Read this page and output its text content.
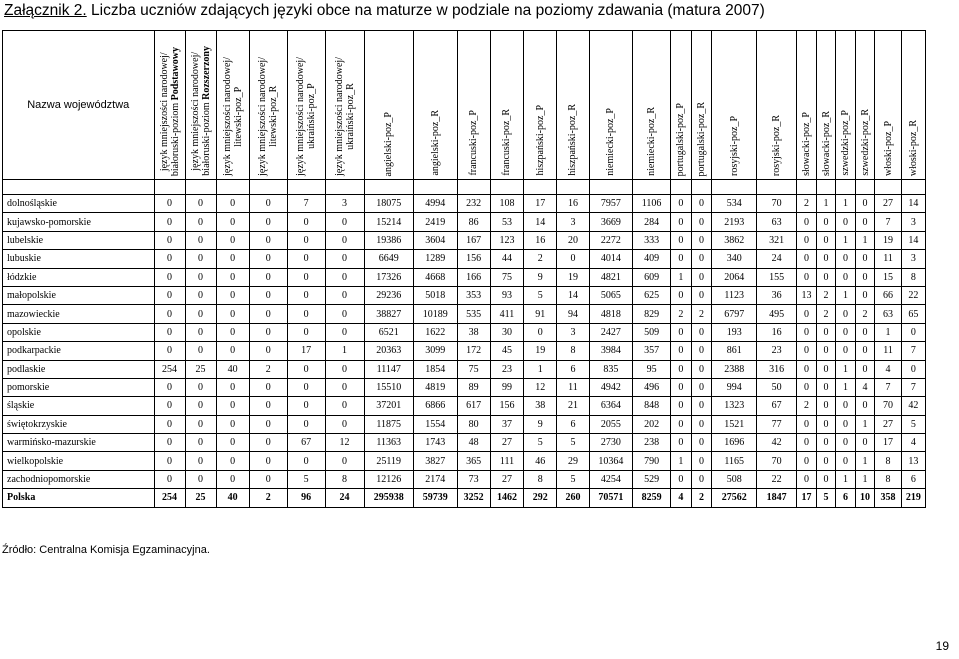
Załącznik 2. Liczba uczniów zdających języki obce na maturze w podziale na poziomy zdawania (matura 2007)
Nazwa województwa	język mniejszości narodowej/ białoruski-poziom Podstawowy	język mniejszości narodowej/ białoruski-poziom Rozszerzony	język mniejszości narodowej/ litewski-poz_P	język mniejszości narodowej/ litewski-poz_R	język mniejszości narodowej/ ukraiński-poz_P	język mniejszości narodowej/ ukraiński-poz_R	angielski-poz_P	angielski-poz_R	francuski-poz_P	francuski-poz_R	hiszpański-poz_P	hiszpański-poz_R	niemiecki-poz_P	niemiecki-poz_R	portugalski-poz_P	portugalski-poz_R	rosyjski-poz_P	rosyjski-poz_R	słowacki-poz_P	słowacki-poz_R	szwedzki-poz_P	szwedzki-poz_R	włoski-poz_P	włoski-poz_R

dolnośląskie	0	0	0	0	7	3	18075	4994	232	108	17	16	7957	1106	0	0	534	70	2	1	1	0	27	14
kujawsko-pomorskie	0	0	0	0	0	0	15214	2419	86	53	14	3	3669	284	0	0	2193	63	0	0	0	0	7	3
lubelskie	0	0	0	0	0	0	19386	3604	167	123	16	20	2272	333	0	0	3862	321	0	0	1	1	19	14
lubuskie	0	0	0	0	0	0	6649	1289	156	44	2	0	4014	409	0	0	340	24	0	0	0	0	11	3
łódzkie	0	0	0	0	0	0	17326	4668	166	75	9	19	4821	609	1	0	2064	155	0	0	0	0	15	8
małopolskie	0	0	0	0	0	0	29236	5018	353	93	5	14	5065	625	0	0	1123	36	13	2	1	0	66	22
mazowieckie	0	0	0	0	0	0	38827	10189	535	411	91	94	4818	829	2	2	6797	495	0	2	0	2	63	65
opolskie	0	0	0	0	0	0	6521	1622	38	30	0	3	2427	509	0	0	193	16	0	0	0	0	1	0
podkarpackie	0	0	0	0	17	1	20363	3099	172	45	19	8	3984	357	0	0	861	23	0	0	0	0	11	7
podlaskie	254	25	40	2	0	0	11147	1854	75	23	1	6	835	95	0	0	2388	316	0	0	1	0	4	0
pomorskie	0	0	0	0	0	0	15510	4819	89	99	12	11	4942	496	0	0	994	50	0	0	1	4	7	7
śląskie	0	0	0	0	0	0	37201	6866	617	156	38	21	6364	848	0	0	1323	67	2	0	0	0	70	42
świętokrzyskie	0	0	0	0	0	0	11875	1554	80	37	9	6	2055	202	0	0	1521	77	0	0	0	1	27	5
warmińsko-mazurskie	0	0	0	0	67	12	11363	1743	48	27	5	5	2730	238	0	0	1696	42	0	0	0	0	17	4
wielkopolskie	0	0	0	0	0	0	25119	3827	365	111	46	29	10364	790	1	0	1165	70	0	0	0	1	8	13
zachodniopomorskie	0	0	0	0	5	8	12126	2174	73	27	8	5	4254	529	0	0	508	22	0	0	1	1	8	6
Polska	254	25	40	2	96	24	295938	59739	3252	1462	292	260	70571	8259	4	2	27562	1847	17	5	6	10	358	219
Źródło: Centralna Komisja Egzaminacyjna.
19
